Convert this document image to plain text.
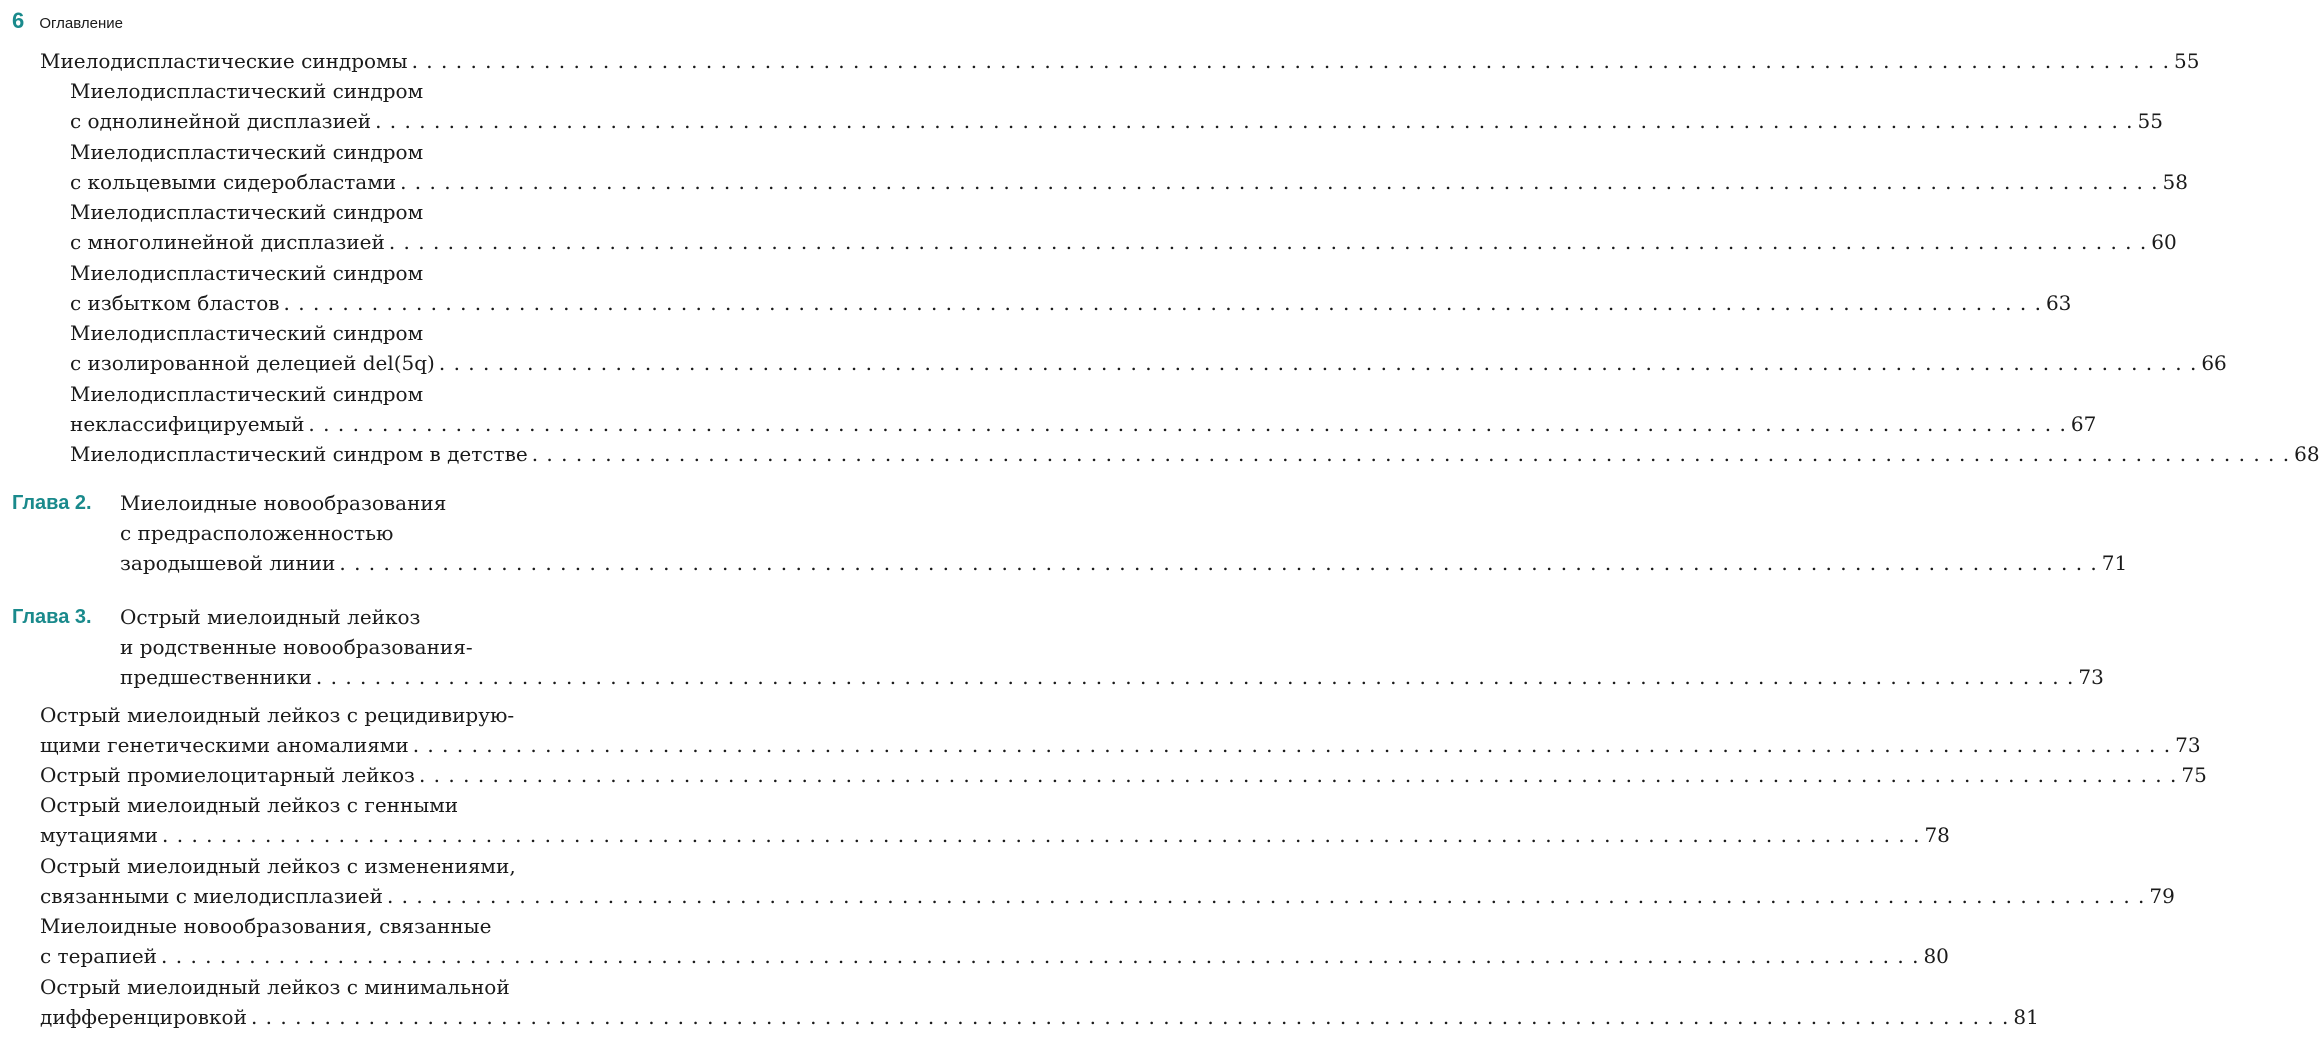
6 Оглавление
Миелодиспластические синдромы . . . . . . . . . . . . . . . . . . . . . . . . . . . . . . . . . . . . . . . . . . . . . . . . . . . . . . . . . . . . . . . . . . . . . . . . . . . . . . . . . . . . . . . . . . . . . . . . . . . . . . . . . . . . . . . . . . . . . . . . 55
Миелодиспластический синдром
с однолинейной дисплазией . . . . . . . . . . . . . . . . . . . . . . . . . . . . . . . . . . . . . . . . . . . . . . . . . . . . . . . . . . . . . . . . . . . . . . . . . . . . . . . . . . . . . . . . . . . . . . . . . . . . . . . . . . . . . . . . . . . . . . . . 55
Миелодиспластический синдром
с кольцевыми сидеробластами . . . . . . . . . . . . . . . . . . . . . . . . . . . . . . . . . . . . . . . . . . . . . . . . . . . . . . . . . . . . . . . . . . . . . . . . . . . . . . . . . . . . . . . . . . . . . . . . . . . . . . . . . . . . . . . . . . . . . . . . 58
Миелодиспластический синдром
с многолинейной дисплазией . . . . . . . . . . . . . . . . . . . . . . . . . . . . . . . . . . . . . . . . . . . . . . . . . . . . . . . . . . . . . . . . . . . . . . . . . . . . . . . . . . . . . . . . . . . . . . . . . . . . . . . . . . . . . . . . . . . . . . . . 60
Миелодиспластический синдром
с избытком бластов . . . . . . . . . . . . . . . . . . . . . . . . . . . . . . . . . . . . . . . . . . . . . . . . . . . . . . . . . . . . . . . . . . . . . . . . . . . . . . . . . . . . . . . . . . . . . . . . . . . . . . . . . . . . . . . . . . . . . . . . 63
Миелодиспластический синдром
с изолированной делецией del(5q) . . . . . . . . . . . . . . . . . . . . . . . . . . . . . . . . . . . . . . . . . . . . . . . . . . . . . . . . . . . . . . . . . . . . . . . . . . . . . . . . . . . . . . . . . . . . . . . . . . . . . . . . . . . . . . . . . . . . . . . . 66
Миелодиспластический синдром
неклассифицируемый . . . . . . . . . . . . . . . . . . . . . . . . . . . . . . . . . . . . . . . . . . . . . . . . . . . . . . . . . . . . . . . . . . . . . . . . . . . . . . . . . . . . . . . . . . . . . . . . . . . . . . . . . . . . . . . . . . . . . . . . 67
Миелодиспластический синдром в детстве . . . . . . . . . . . . . . . . . . . . . . . . . . . . . . . . . . . . . . . . . . . . . . . . . . . . . . . . . . . . . . . . . . . . . . . . . . . . . . . . . . . . . . . . . . . . . . . . . . . . . . . . . . . . . . . . . . . . . . . . 68
Глава 2. Миелоидные новообразования
с предрасположенностью
зародышевой линии . . . . . . . . . . . . . . . . . . . . . . . . . . . . . . . . . . . . . . . . . . . . . . . . . . . . . . . . . . . . . . . . . . . . . . . . . . . . . . . . . . . . . . . . . . . . . . . . . . . . . . . . . . . . . . . . . . . . . . . . 71
Глава 3. Острый миелоидный лейкоз
и родственные новообразования-
предшественники . . . . . . . . . . . . . . . . . . . . . . . . . . . . . . . . . . . . . . . . . . . . . . . . . . . . . . . . . . . . . . . . . . . . . . . . . . . . . . . . . . . . . . . . . . . . . . . . . . . . . . . . . . . . . . . . . . . . . . . . 73
Острый миелоидный лейкоз с рецидивирую-
щими генетическими аномалиями . . . . . . . . . . . . . . . . . . . . . . . . . . . . . . . . . . . . . . . . . . . . . . . . . . . . . . . . . . . . . . . . . . . . . . . . . . . . . . . . . . . . . . . . . . . . . . . . . . . . . . . . . . . . . . . . . . . . . . . . 73
Острый промиелоцитарный лейкоз . . . . . . . . . . . . . . . . . . . . . . . . . . . . . . . . . . . . . . . . . . . . . . . . . . . . . . . . . . . . . . . . . . . . . . . . . . . . . . . . . . . . . . . . . . . . . . . . . . . . . . . . . . . . . . . . . . . . . . . . 75
Острый миелоидный лейкоз с генными
мутациями . . . . . . . . . . . . . . . . . . . . . . . . . . . . . . . . . . . . . . . . . . . . . . . . . . . . . . . . . . . . . . . . . . . . . . . . . . . . . . . . . . . . . . . . . . . . . . . . . . . . . . . . . . . . . . . . . . . . . . . . 78
Острый миелоидный лейкоз с изменениями,
связанными с миелодисплазией . . . . . . . . . . . . . . . . . . . . . . . . . . . . . . . . . . . . . . . . . . . . . . . . . . . . . . . . . . . . . . . . . . . . . . . . . . . . . . . . . . . . . . . . . . . . . . . . . . . . . . . . . . . . . . . . . . . . . . . . 79
Миелоидные новообразования, связанные
с терапией . . . . . . . . . . . . . . . . . . . . . . . . . . . . . . . . . . . . . . . . . . . . . . . . . . . . . . . . . . . . . . . . . . . . . . . . . . . . . . . . . . . . . . . . . . . . . . . . . . . . . . . . . . . . . . . . . . . . . . . . 80
Острый миелоидный лейкоз с минимальной
дифференцировкой . . . . . . . . . . . . . . . . . . . . . . . . . . . . . . . . . . . . . . . . . . . . . . . . . . . . . . . . . . . . . . . . . . . . . . . . . . . . . . . . . . . . . . . . . . . . . . . . . . . . . . . . . . . . . . . . . . . . . . . . 81
